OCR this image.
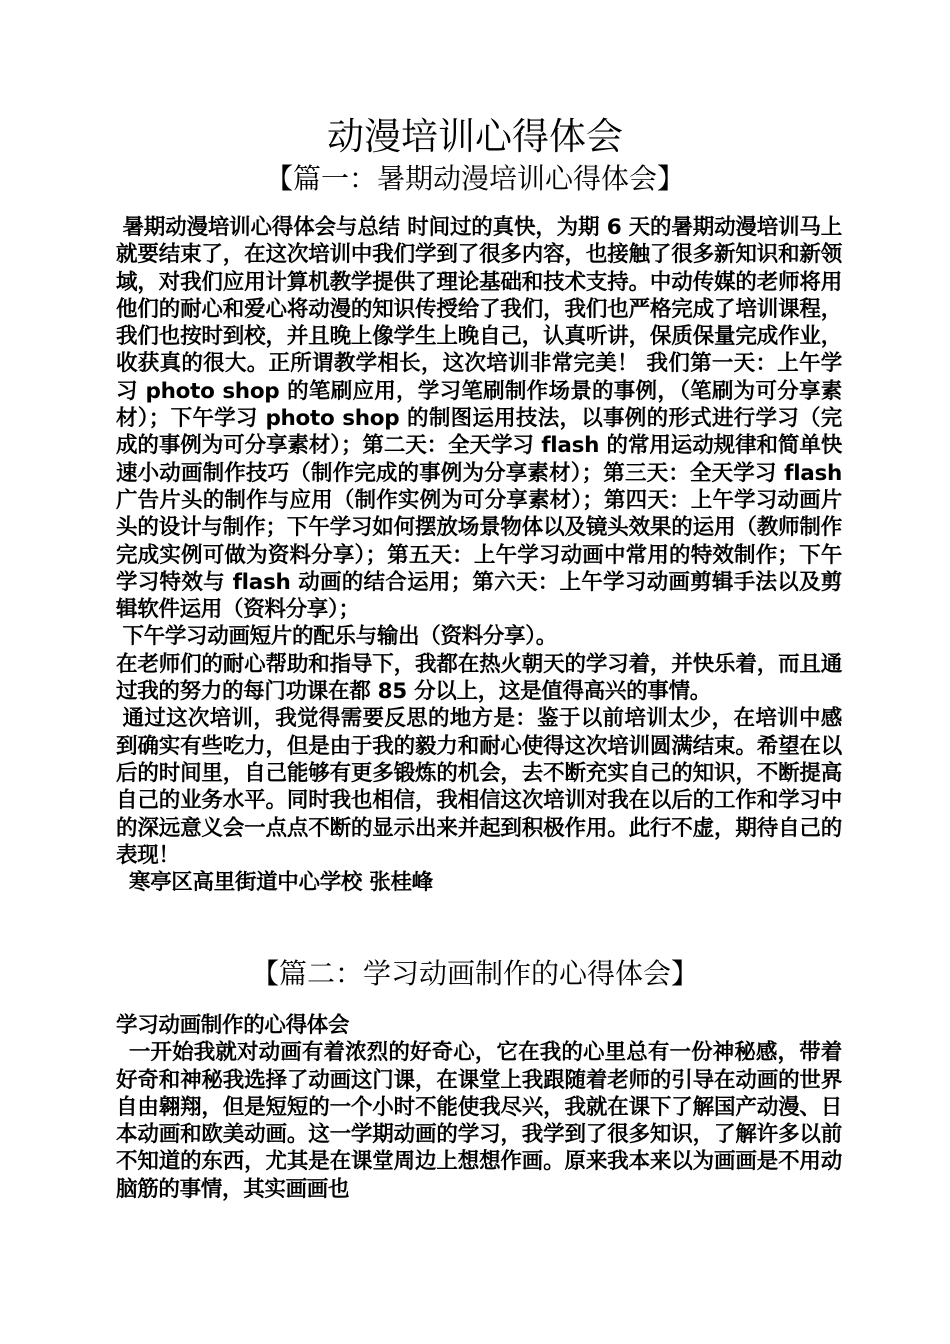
动漫培训心得体会
【篇一：暑期动漫培训心得体会】

暑期动漫培训心得体会与总结 时间过的真快，为期 6 天的暑期动漫培训马上就要结束了，在这次培训中我们学到了很多内容，也接触了很多新知识和新领域，对我们应用计算机教学提供了理论基础和技术支持。中动传媒的老师将用他们的耐心和爱心将动漫的知识传授给了我们，我们也严格完成了培训课程，我们也按时到校，并且晚上像学生上晚自己，认真听讲，保质保量完成作业，收获真的很大。正所谓教学相长，这次培训非常完美！ 我们第一天：上午学习 photo shop 的笔刷应用，学习笔刷制作场景的事例，（笔刷为可分享素材）；下午学习 photo shop 的制图运用技法，以事例的形式进行学习（完成的事例为可分享素材）；第二天：全天学习 flash 的常用运动规律和简单快速小动画制作技巧（制作完成的事例为分享素材）；第三天：全天学习 flash 广告片头的制作与应用（制作实例为可分享素材）；第四天：上午学习动画片头的设计与制作；下午学习如何摆放场景物体以及镜头效果的运用（教师制作完成实例可做为资料分享）；第五天：上午学习动画中常用的特效制作；下午学习特效与 flash 动画的结合运用；第六天：上午学习动画剪辑手法以及剪辑软件运用（资料分享）；

下午学习动画短片的配乐与输出（资料分享）。

在老师们的耐心帮助和指导下，我都在热火朝天的学习着，并快乐着，而且通过我的努力的每门功课在都 85 分以上，这是值得高兴的事情。

通过这次培训，我觉得需要反思的地方是：鉴于以前培训太少，在培训中感到确实有些吃力，但是由于我的毅力和耐心使得这次培训圆满结束。希望在以后的时间里，自己能够有更多锻炼的机会，去不断充实自己的知识，不断提高自己的业务水平。同时我也相信，我相信这次培训对我在以后的工作和学习中的深远意义会一点点不断的显示出来并起到积极作用。此行不虚，期待自己的表现！

寒亭区高里街道中心学校 张桂峰

【篇二：学习动画制作的心得体会】

学习动画制作的心得体会

一开始我就对动画有着浓烈的好奇心，它在我的心里总有一份神秘感，带着好奇和神秘我选择了动画这门课，在课堂上我跟随着老师的引导在动画的世界自由翱翔，但是短短的一个小时不能使我尽兴，我就在课下了解国产动漫、日本动画和欧美动画。这一学期动画的学习，我学到了很多知识，了解许多以前不知道的东西，尤其是在课堂周边上想想作画。原来我本来以为画画是不用动脑筋的事情，其实画画也
